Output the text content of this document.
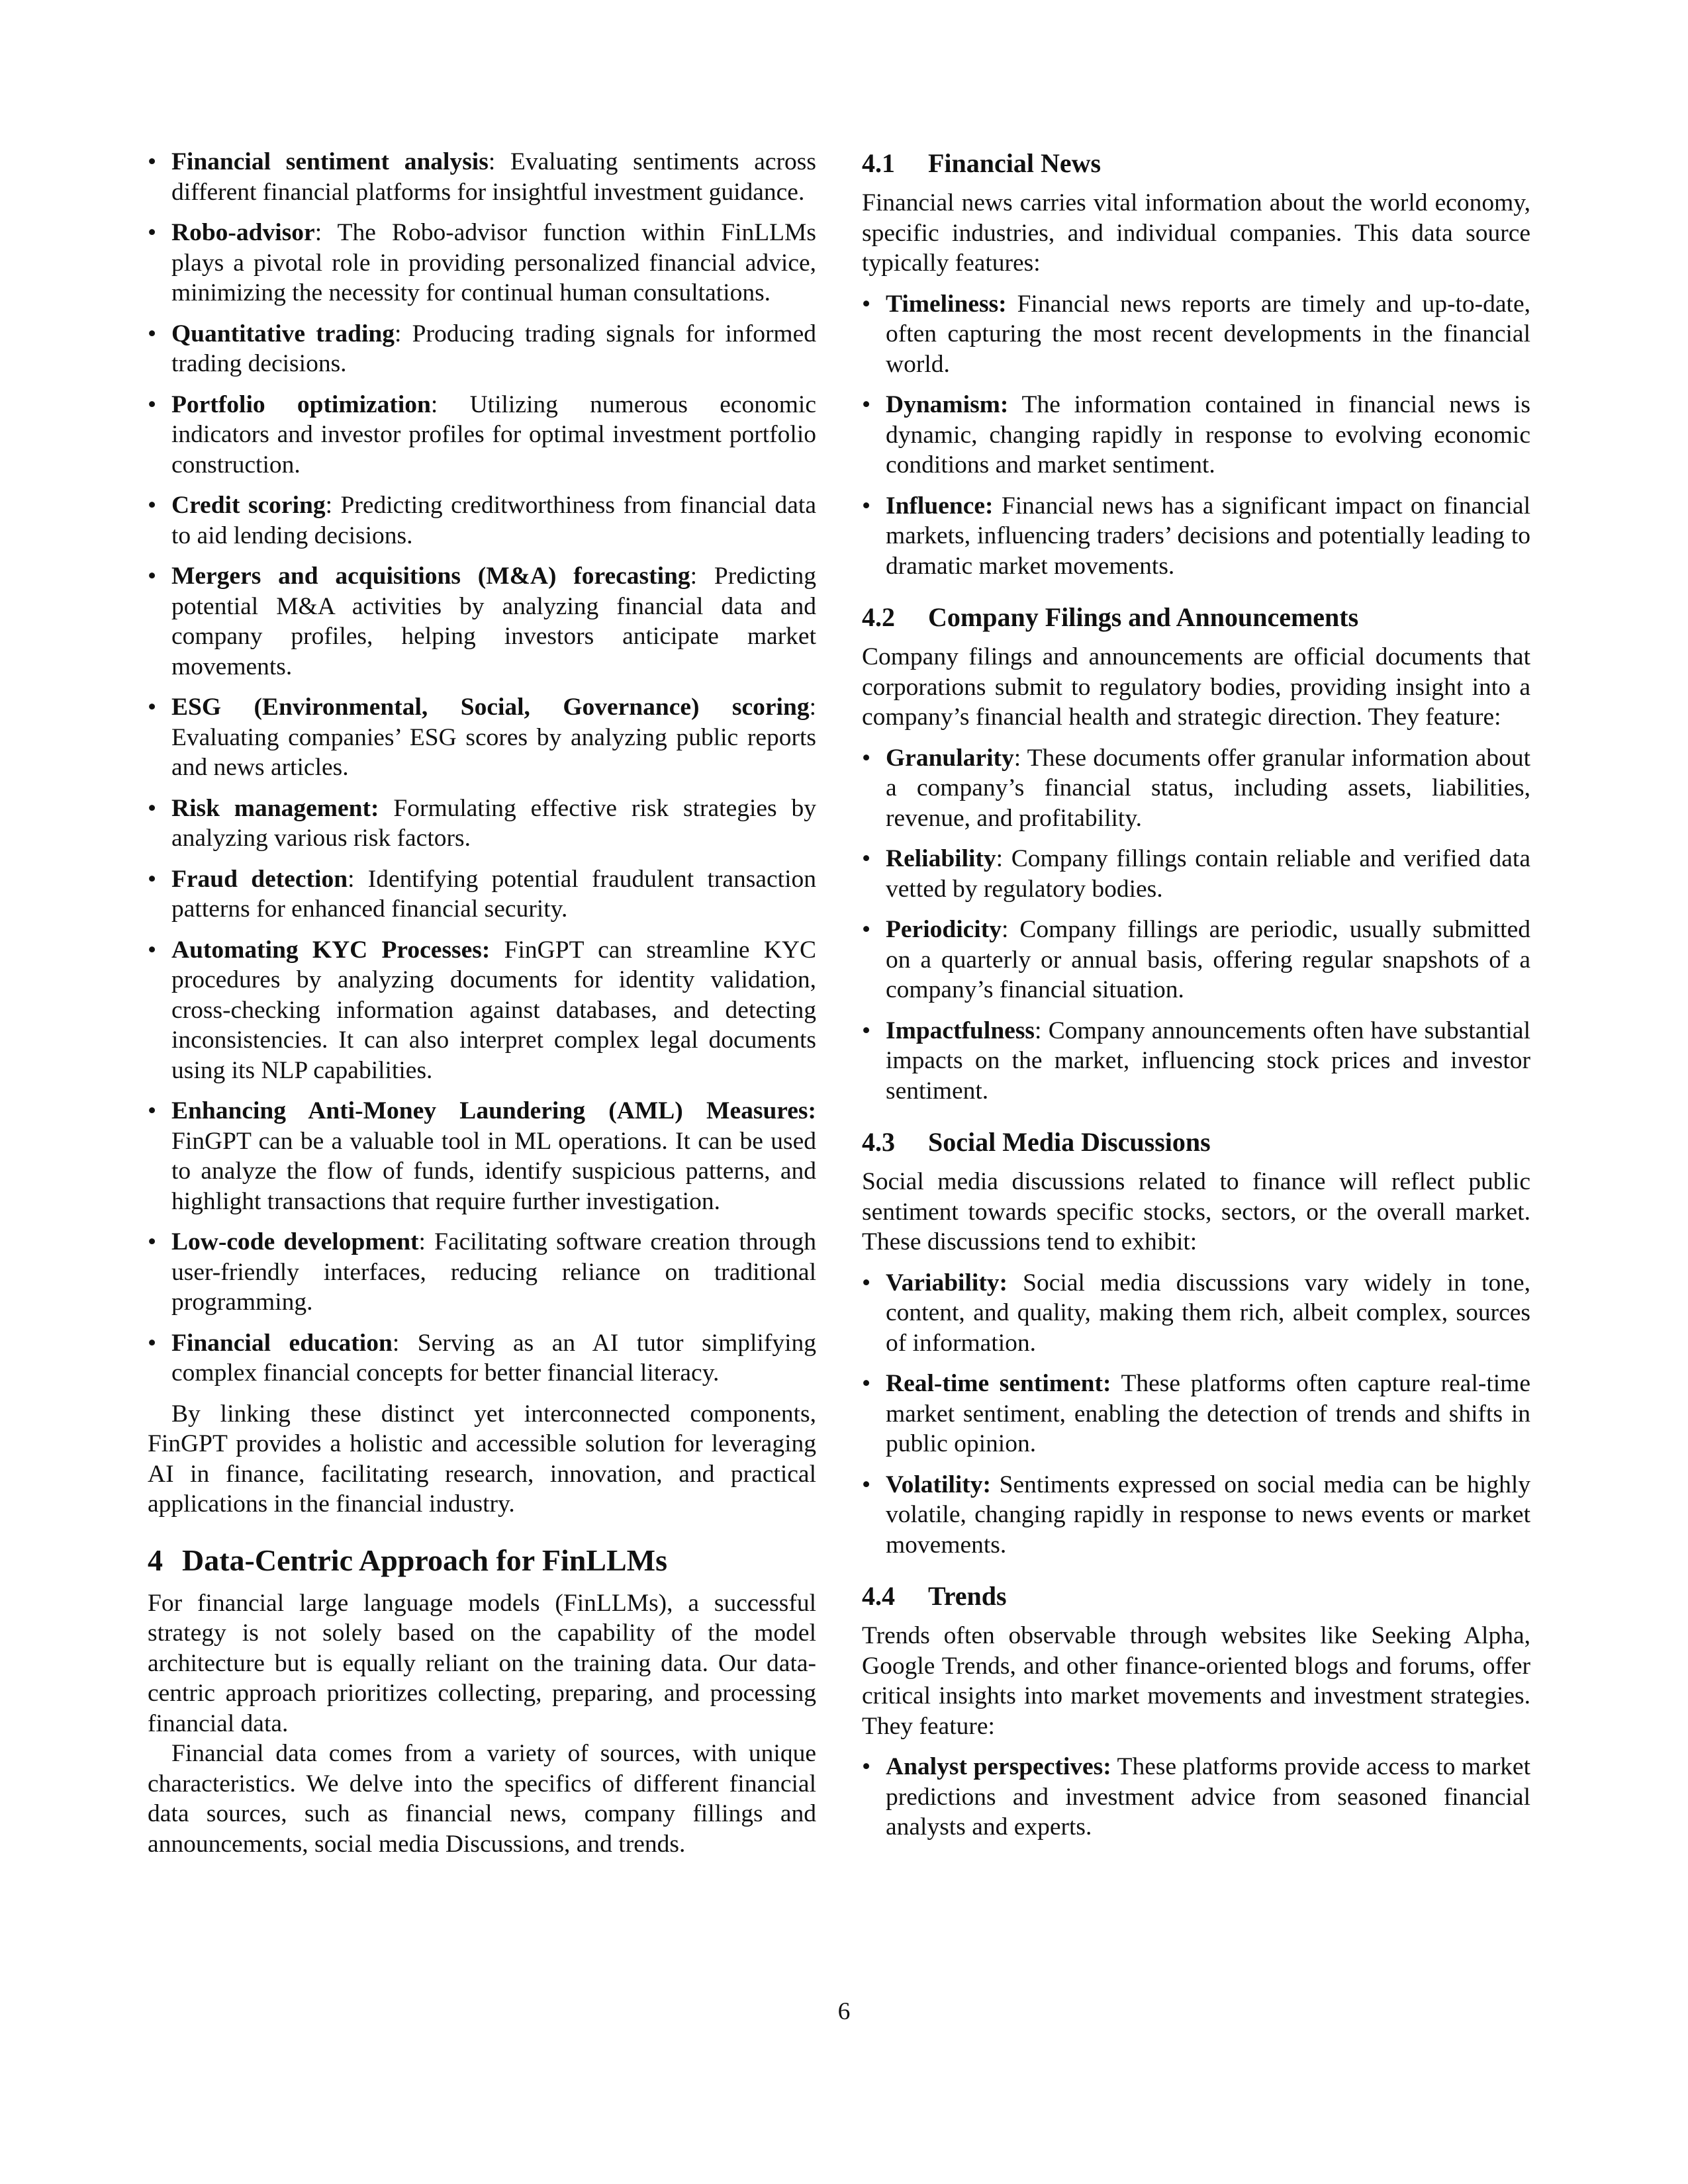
• Financial sentiment analysis: Evaluating sentiments across different financial platforms for insightful investment guidance.
• Robo-advisor: The Robo-advisor function within FinLLMs plays a pivotal role in providing personalized financial advice, minimizing the necessity for continual human consultations.
• Quantitative trading: Producing trading signals for informed trading decisions.
• Portfolio optimization: Utilizing numerous economic indicators and investor profiles for optimal investment portfolio construction.
• Credit scoring: Predicting creditworthiness from financial data to aid lending decisions.
• Mergers and acquisitions (M&A) forecasting: Predicting potential M&A activities by analyzing financial data and company profiles, helping investors anticipate market movements.
• ESG (Environmental, Social, Governance) scoring: Evaluating companies’ ESG scores by analyzing public reports and news articles.
• Risk management: Formulating effective risk strategies by analyzing various risk factors.
• Fraud detection: Identifying potential fraudulent transaction patterns for enhanced financial security.
• Automating KYC Processes: FinGPT can streamline KYC procedures by analyzing documents for identity validation, cross-checking information against databases, and detecting inconsistencies. It can also interpret complex legal documents using its NLP capabilities.
• Enhancing Anti-Money Laundering (AML) Measures: FinGPT can be a valuable tool in ML operations. It can be used to analyze the flow of funds, identify suspicious patterns, and highlight transactions that require further investigation.
• Low-code development: Facilitating software creation through user-friendly interfaces, reducing reliance on traditional programming.
• Financial education: Serving as an AI tutor simplifying complex financial concepts for better financial literacy.

By linking these distinct yet interconnected components, FinGPT provides a holistic and accessible solution for leveraging AI in finance, facilitating research, innovation, and practical applications in the financial industry.

4 Data-Centric Approach for FinLLMs

For financial large language models (FinLLMs), a successful strategy is not solely based on the capability of the model architecture but is equally reliant on the training data. Our data-centric approach prioritizes collecting, preparing, and processing financial data.

Financial data comes from a variety of sources, with unique characteristics. We delve into the specifics of different financial data sources, such as financial news, company fillings and announcements, social media Discussions, and trends.

4.1 Financial News

Financial news carries vital information about the world economy, specific industries, and individual companies. This data source typically features:

• Timeliness: Financial news reports are timely and up-to-date, often capturing the most recent developments in the financial world.
• Dynamism: The information contained in financial news is dynamic, changing rapidly in response to evolving economic conditions and market sentiment.
• Influence: Financial news has a significant impact on financial markets, influencing traders’ decisions and potentially leading to dramatic market movements.
4.2 Company Filings and Announcements

Company filings and announcements are official documents that corporations submit to regulatory bodies, providing insight into a company’s financial health and strategic direction. They feature:

• Granularity: These documents offer granular information about a company’s financial status, including assets, liabilities, revenue, and profitability.
• Reliability: Company fillings contain reliable and verified data vetted by regulatory bodies.
• Periodicity: Company fillings are periodic, usually submitted on a quarterly or annual basis, offering regular snapshots of a company’s financial situation.
• Impactfulness: Company announcements often have substantial impacts on the market, influencing stock prices and investor sentiment.
4.3 Social Media Discussions

Social media discussions related to finance will reflect public sentiment towards specific stocks, sectors, or the overall market. These discussions tend to exhibit:

• Variability: Social media discussions vary widely in tone, content, and quality, making them rich, albeit complex, sources of information.
• Real-time sentiment: These platforms often capture real-time market sentiment, enabling the detection of trends and shifts in public opinion.
• Volatility: Sentiments expressed on social media can be highly volatile, changing rapidly in response to news events or market movements.
4.4 Trends

Trends often observable through websites like Seeking Alpha, Google Trends, and other finance-oriented blogs and forums, offer critical insights into market movements and investment strategies. They feature:

• Analyst perspectives: These platforms provide access to market predictions and investment advice from seasoned financial analysts and experts.
6
